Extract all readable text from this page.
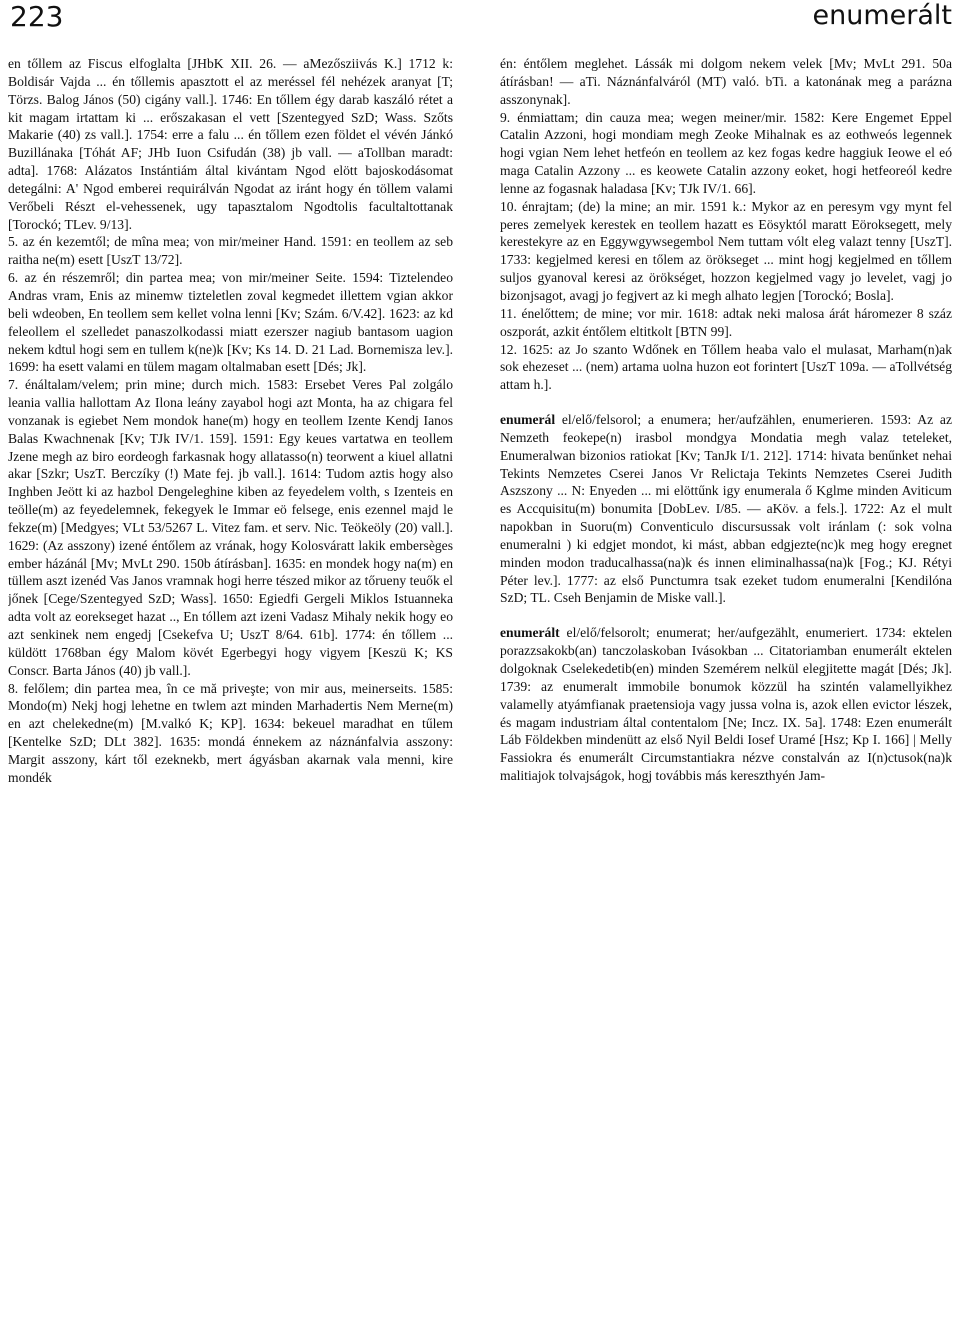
223	enumerált

en tőllem az Fiscus elfoglalta [JHbK XII. 26. — aMezősziivás K.] 1712 k: Boldisár Vajda ... én tőllemis apasztott el az meréssel fél nehézek aranyat [T; Törzs. Balog János (50) cigány vall.]. 1746: En tőllem égy darab kaszáló rétet a kit magam irtattam ki ... erőszakasan el vett [Szentegyed SzD; Wass. Szőts Makarie (40) zs vall.]. 1754: erre a falu ... én tőllem ezen földet el vévén Jánkó Buzillánaka [Tóhát AF; JHb Iuon Csifudán (38) jb vall. — aTollban maradt: adta]. 1768: Alázatos Instántiám által kivántam Ngod elött bajoskodásomat detegálni: A' Ngod emberei requirálván Ngodat az iránt hogy én töllem valami Verőbeli Részt el-vehessenek, ugy tapasztalom Ngodtolis facultaltottanak [Torockó; TLev. 9/13].

5. az én kezemtől; de mîna mea; von mir/meiner Hand. 1591: en teollem az seb raitha ne(m) esett [UszT 13/72].

6. az én részemről; din partea mea; von mir/meiner Seite. 1594: Tiztelendeo Andras vram, Enis az minemw tizteletlen zoval kegmedet illettem vgian akkor beli wdeoben, En teollem sem kellet volna lenni [Kv; Szám. 6/V.42]. 1623: az kd feleollem el szelledet panaszolkodassi miatt ezerszer nagiub bantasom uagion nekem kdtul hogi sem en tullem k(ne)k [Kv; Ks 14. D. 21 Lad. Bornemisza lev.]. 1699: ha esett valami en tülem magam oltalmaban esett [Dés; Jk].

7. énáltalam/velem; prin mine; durch mich. 1583: Ersebet Veres Pal zolgálo leania vallia hallottam Az Ilona leány zayabol hogi azt Monta, ha az chigara fel vonzanak is egiebet Nem mondok hane(m) hogy en teollem Izente Kendj Ianos Balas Kwachnenak [Kv; TJk IV/1. 159]. 1591: Egy keues vartatwa en teollem Jzene megh az biro eordeogh farkasnak hogy allatasso(n) teorwent a kiuel allatni akar [Szkr; UszT. Berczíky (!) Mate fej. jb vall.]. 1614: Tudom aztis hogy also Inghben Jeött ki az hazbol Dengeleghine kiben az feyedelem volth, s Izenteis en teölle(m) az feyedelemnek, fekegyek le Immar eö felsege, enis ezennel majd le fekze(m) [Medgyes; VLt 53/5267 L. Vitez fam. et serv. Nic. Teökeöly (20) vall.]. 1629: (Az asszony) izené éntőlem az vrának, hogy Kolosváratt lakik embersèges ember házánál [Mv; MvLt 290. 150b átírásban]. 1635: en mondek hogy na(m) en tüllem aszt izenéd Vas Janos vramnak hogi herre tészed mikor az tőrueny teuők el jőnek [Cege/Szentegyed SzD; Wass]. 1650: Egiedfi Gergeli Miklos Istuanneka adta volt az eorekseget hazat .., En tóllem azt izeni Vadasz Mihaly nekik hogy eo azt senkinek nem engedj [Csekefva U; UszT 8/64. 61b]. 1774: én tőllem ... küldött 1768ban égy Malom kövét Egerbegyi hogy vigyem [Keszü K; KS Conscr. Barta János (40) jb vall.].

8. felőlem; din partea mea, în ce mă priveşte; von mir aus, meinerseits. 1585: Mondo(m) Nekj hogj lehetne en twlem azt minden Marhadertis Nem Merne(m) en azt chelekedne(m) [M.valkó K; KP]. 1634: bekeuel maradhat en tűlem [Kentelke SzD; DLt 382]. 1635: mondá énnekem az náznánfalvia asszony: Margit asszony, kárt től ezeknekb, mert ágyásban akarnak vala menni, kire mondék

én: éntőlem meglehet. Lássák mi dolgom nekem velek [Mv; MvLt 291. 50a átírásban! — aTi. Náznánfalváról (MT) való. bTi. a katonának meg a parázna asszonynak].

9. énmiattam; din cauza mea; wegen meiner/mir. 1582: Kere Engemet Eppel Catalin Azzoni, hogi mondiam megh Zeoke Mihalnak es az eothweós legennek hogi vgian Nem lehet hetfeón en teollem az kez fogas kedre haggiuk Ieowe el eó maga Catalin Azzony ... es keowete Catalin azzony eoket, hogi hetfeoreól kedre lenne az fogasnak haladasa [Kv; TJk IV/1. 66].

10. énrajtam; (de) la mine; an mir. 1591 k.: Mykor az en peresym vgy mynt fel peres zemelyek kerestek en teollem hazatt es Eösyktól maratt Eöroksegett, mely kerestekyre az en Eggywgywsegembol Nem tuttam vólt eleg valazt tenny [UszT]. 1733: kegjelmed keresi en tőlem az örökseget ... mint hogj kegjelmed en tőllem suljos gyanoval keresi az örökséget, hozzon kegjelmed vagy jo levelet, vagj jo bizonjsagot, avagj jo fegjvert az ki megh alhato legjen [Torockó; Bosla].

11. énelőttem; de mine; vor mir. 1618: adtak neki malosa árát háromezer 8 száz oszporát, azkit éntőlem eltitkolt [BTN 99].

12. 1625: az Jo szanto Wdőnek en Tőllem heaba valo el mulasat, Marham(n)ak sok ehezeset ... (nem) artama uolna huzon eot forintert [UszT 109a. — aTollvétség attam h.].

enumerál el/elő/felsorol; a enumera; her/aufzählen, enumerieren. 1593: Az az Nemzeth feokepe(n) irasbol mondgya Mondatia megh valaz teteleket, Enumeralwan bizonios ratiokat [Kv; TanJk I/1. 212]. 1714: hivata benűnket nehai Tekints Nemzetes Cserei Janos Vr Relictaja Tekints Nemzetes Cserei Judith Aszszony ... N: Enyeden ... mi elöttűnk igy enumerala ő Kglme minden Aviticum es Accquisitu(m) bonumita [DobLev. I/85. — aKöv. a fels.]. 1722: Az el mult napokban in Suoru(m) Conventiculo discursussak volt iránlam (: sok volna enumeralni ) ki edgjet mondot, ki mást, abban edgjezte(nc)k meg hogy eregnet minden modon traducalhassa(na)k és innen eliminalhassa(na)k [Fog.; KJ. Rétyi Péter lev.]. 1777: az első Punctumra tsak ezeket tudom enumeralni [Kendilóna SzD; TL. Cseh Benjamin de Miske vall.].

enumerált el/elő/felsorolt; enumerat; her/aufgezählt, enumeriert. 1734: ektelen porazzsakokb(an) tanczolaskoban Ivásokban ... Citatoriamban enumerált ektelen dolgoknak Cselekedetib(en) minden Szemérem nelkül elegjitette magát [Dés; Jk]. 1739: az enumeralt immobile bonumok közzül ha szintén valamellyikhez valamelly atyámfianak praetensioja vagy jussa volna is, azok ellen evictor lészek, és magam industriam által contentalom [Ne; Incz. IX. 5a]. 1748: Ezen enumerált Láb Földekben mindenütt az első Nyil Beldi Iosef Uramé [Hsz; Kp I. 166] | Melly Fassiokra és enumerált Circumstantiakra nézve constalván az I(n)ctusok(na)k malitiajok tolvajságok, hogj továbbis más kereszthyén Jam-
